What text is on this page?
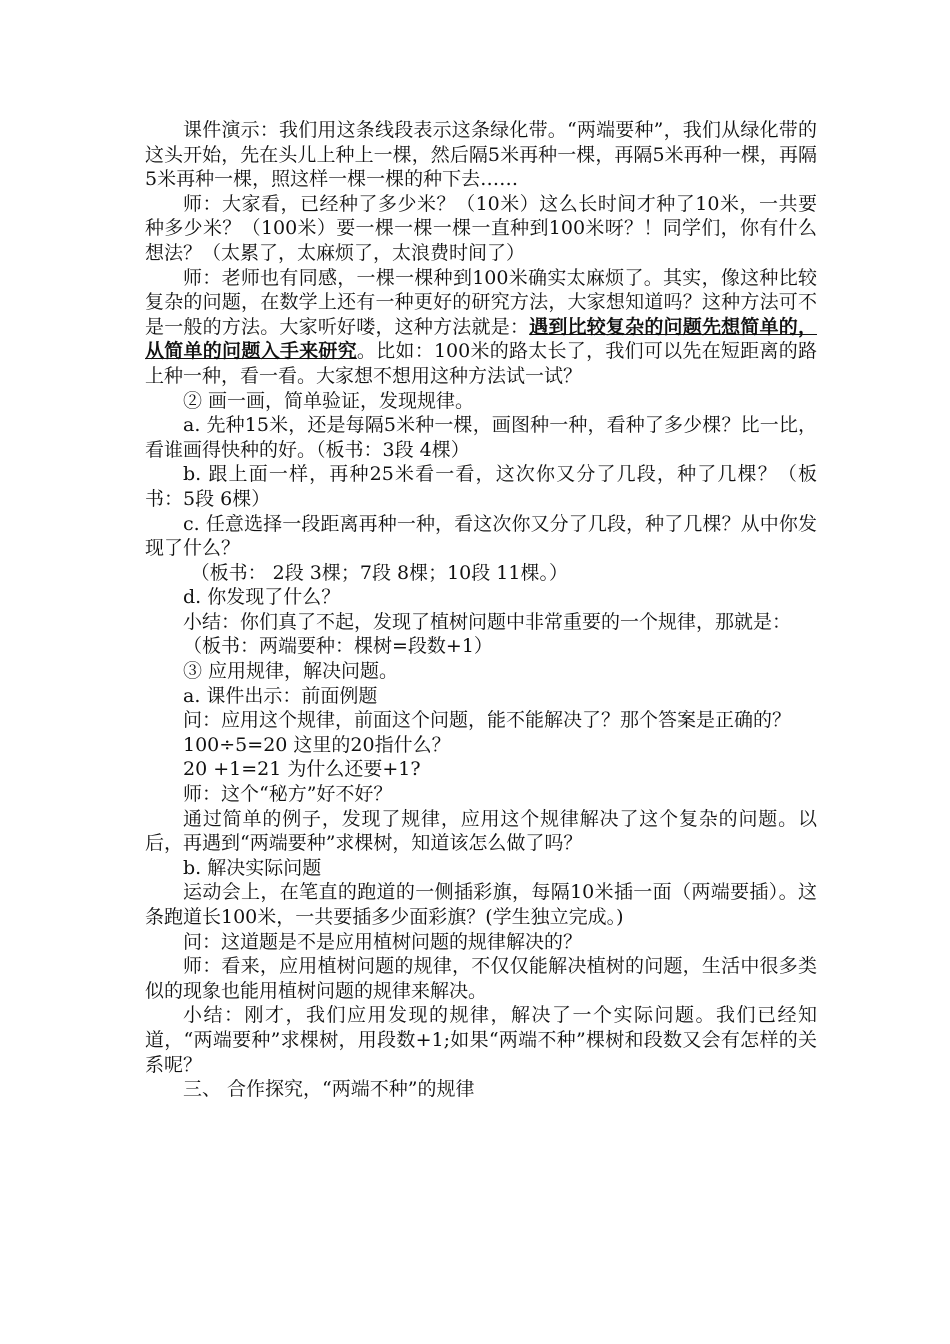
课件演示：我们用这条线段表示这条绿化带。“两端要种”，我们从绿化带的这头开始，先在头儿上种上一棵，然后隔5米再种一棵，再隔5米再种一棵，再隔5米再种一棵，照这样一棵一棵的种下去……

师：大家看，已经种了多少米？（10米）这么长时间才种了10米，一共要种多少米？（100米）要一棵一棵一棵一直种到100米呀？！同学们，你有什么想法？（太累了，太麻烦了，太浪费时间了）

师：老师也有同感，一棵一棵种到100米确实太麻烦了。其实，像这种比较复杂的问题，在数学上还有一种更好的研究方法，大家想知道吗？这种方法可不是一般的方法。大家听好喽，这种方法就是：遇到比较复杂的问题先想简单的，从简单的问题入手来研究。比如：100米的路太长了，我们可以先在短距离的路上种一种，看一看。大家想不想用这种方法试一试？

② 画一画，简单验证，发现规律。

a. 先种15米，还是每隔5米种一棵，画图种一种，看种了多少棵？比一比，看谁画得快种的好。（板书：3段 4棵）

b. 跟上面一样，再种25米看一看，这次你又分了几段，种了几棵？（板书：5段 6棵）

c. 任意选择一段距离再种一种，看这次你又分了几段，种了几棵？从中你发现了什么？

（板书： 2段 3棵；7段 8棵；10段 11棵。）

d. 你发现了什么？

小结：你们真了不起，发现了植树问题中非常重要的一个规律，那就是：

（板书：两端要种：棵树=段数+1）

③ 应用规律，解决问题。

a. 课件出示：前面例题

问：应用这个规律，前面这个问题，能不能解决了？那个答案是正确的？

100÷5=20 这里的20指什么？

20 +1=21 为什么还要+1?

师：这个“秘方”好不好？

通过简单的例子，发现了规律，应用这个规律解决了这个复杂的问题。以后，再遇到“两端要种”求棵树，知道该怎么做了吗？

b. 解决实际问题

运动会上，在笔直的跑道的一侧插彩旗，每隔10米插一面（两端要插）。这条跑道长100米，一共要插多少面彩旗？(学生独立完成。)

问：这道题是不是应用植树问题的规律解决的？

师：看来，应用植树问题的规律，不仅仅能解决植树的问题，生活中很多类似的现象也能用植树问题的规律来解决。

小结：刚才，我们应用发现的规律，解决了一个实际问题。我们已经知道，“两端要种”求棵树，用段数+1;如果“两端不种”棵树和段数又会有怎样的关系呢？

三、 合作探究，“两端不种”的规律
